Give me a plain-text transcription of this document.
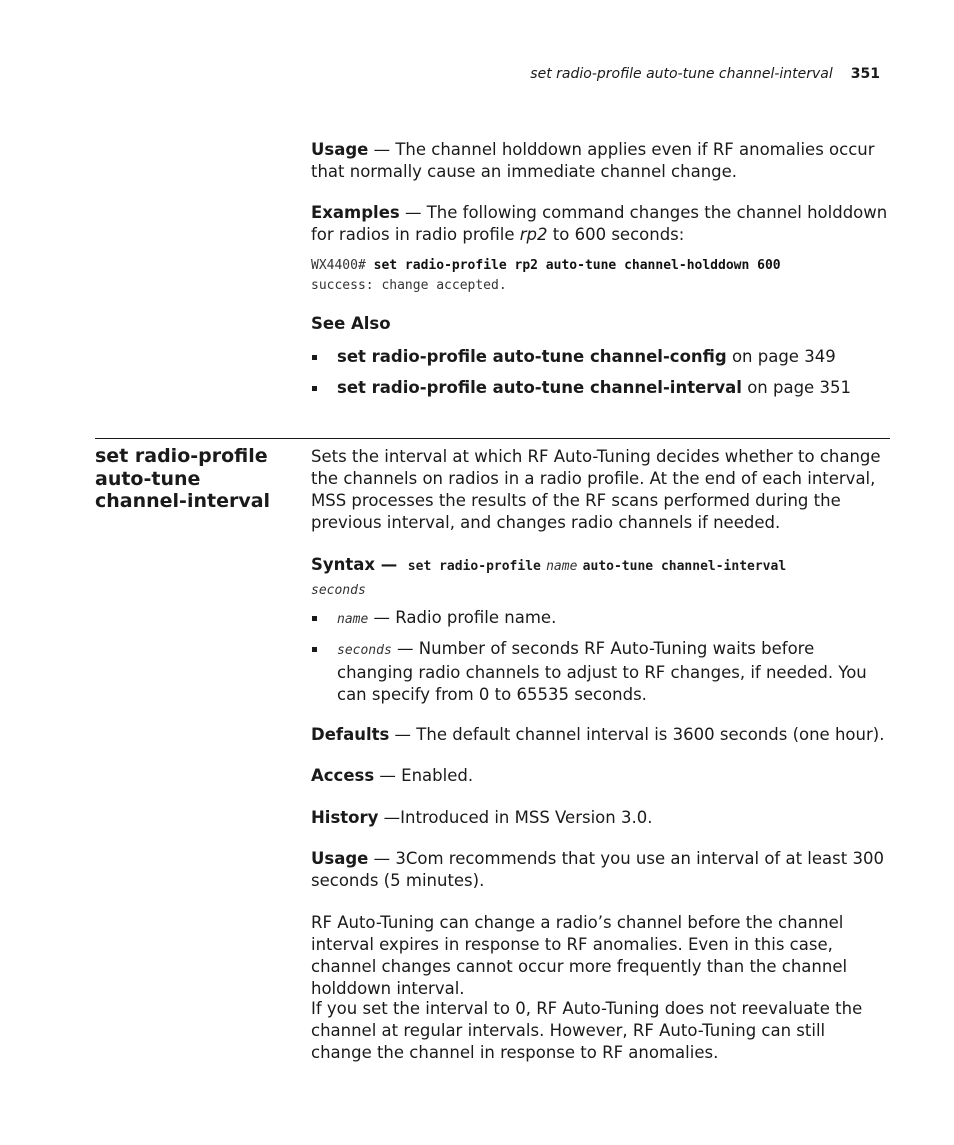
set radio-profile auto-tune channel-interval 351

Usage — The channel holddown applies even if RF anomalies occur that normally cause an immediate channel change.

Examples — The following command changes the channel holddown for radios in radio profile rp2 to 600 seconds:

WX4400# set radio-profile rp2 auto-tune channel-holddown 600
success: change accepted.
See Also
set radio-profile auto-tune channel-config on page 349
set radio-profile auto-tune channel-interval on page 351
set radio-profile
auto-tune
channel-interval

Sets the interval at which RF Auto-Tuning decides whether to change the channels on radios in a radio profile. At the end of each interval, MSS processes the results of the RF scans performed during the previous interval, and changes radio channels if needed.

Syntax — set radio-profile name auto-tune channel-interval
seconds
name — Radio profile name.
seconds — Number of seconds RF Auto-Tuning waits before changing radio channels to adjust to RF changes, if needed. You can specify from 0 to 65535 seconds.

Defaults — The default channel interval is 3600 seconds (one hour).

Access — Enabled.

History —Introduced in MSS Version 3.0.

Usage — 3Com recommends that you use an interval of at least 300 seconds (5 minutes).

RF Auto-Tuning can change a radio’s channel before the channel interval expires in response to RF anomalies. Even in this case, channel changes cannot occur more frequently than the channel holddown interval.

If you set the interval to 0, RF Auto-Tuning does not reevaluate the channel at regular intervals. However, RF Auto-Tuning can still change the channel in response to RF anomalies.
